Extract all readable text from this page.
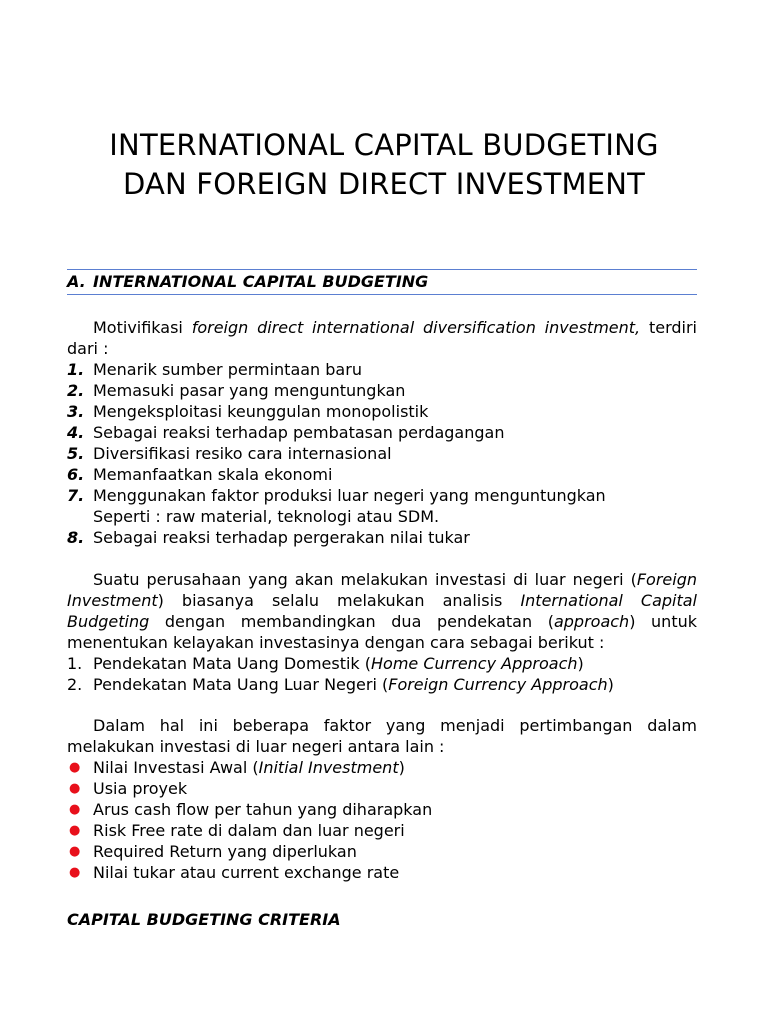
INTERNATIONAL CAPITAL BUDGETING
DAN FOREIGN DIRECT INVESTMENT
A. INTERNATIONAL CAPITAL BUDGETING
Motivifikasi foreign direct international diversification investment, terdiri dari :
1. Menarik sumber permintaan baru
2. Memasuki pasar yang menguntungkan
3. Mengeksploitasi keunggulan monopolistik
4. Sebagai reaksi terhadap pembatasan perdagangan
5. Diversifikasi resiko cara internasional
6. Memanfaatkan skala ekonomi
7. Menggunakan faktor produksi luar negeri yang menguntungkan
Seperti : raw material, teknologi atau SDM.
8. Sebagai reaksi terhadap pergerakan nilai tukar
Suatu perusahaan yang akan melakukan investasi di luar negeri (Foreign Investment) biasanya selalu melakukan analisis International Capital Budgeting dengan membandingkan dua pendekatan (approach) untuk menentukan kelayakan investasinya dengan cara sebagai berikut :
1. Pendekatan Mata Uang Domestik (Home Currency Approach)
2. Pendekatan Mata Uang Luar Negeri (Foreign Currency Approach)
Dalam hal ini beberapa faktor yang menjadi pertimbangan dalam melakukan investasi di luar negeri antara lain :
● Nilai Investasi Awal (Initial Investment)
● Usia proyek
● Arus cash flow per tahun yang diharapkan
● Risk Free rate di dalam dan luar negeri
● Required Return yang diperlukan
● Nilai tukar atau current exchange rate
CAPITAL BUDGETING CRITERIA
